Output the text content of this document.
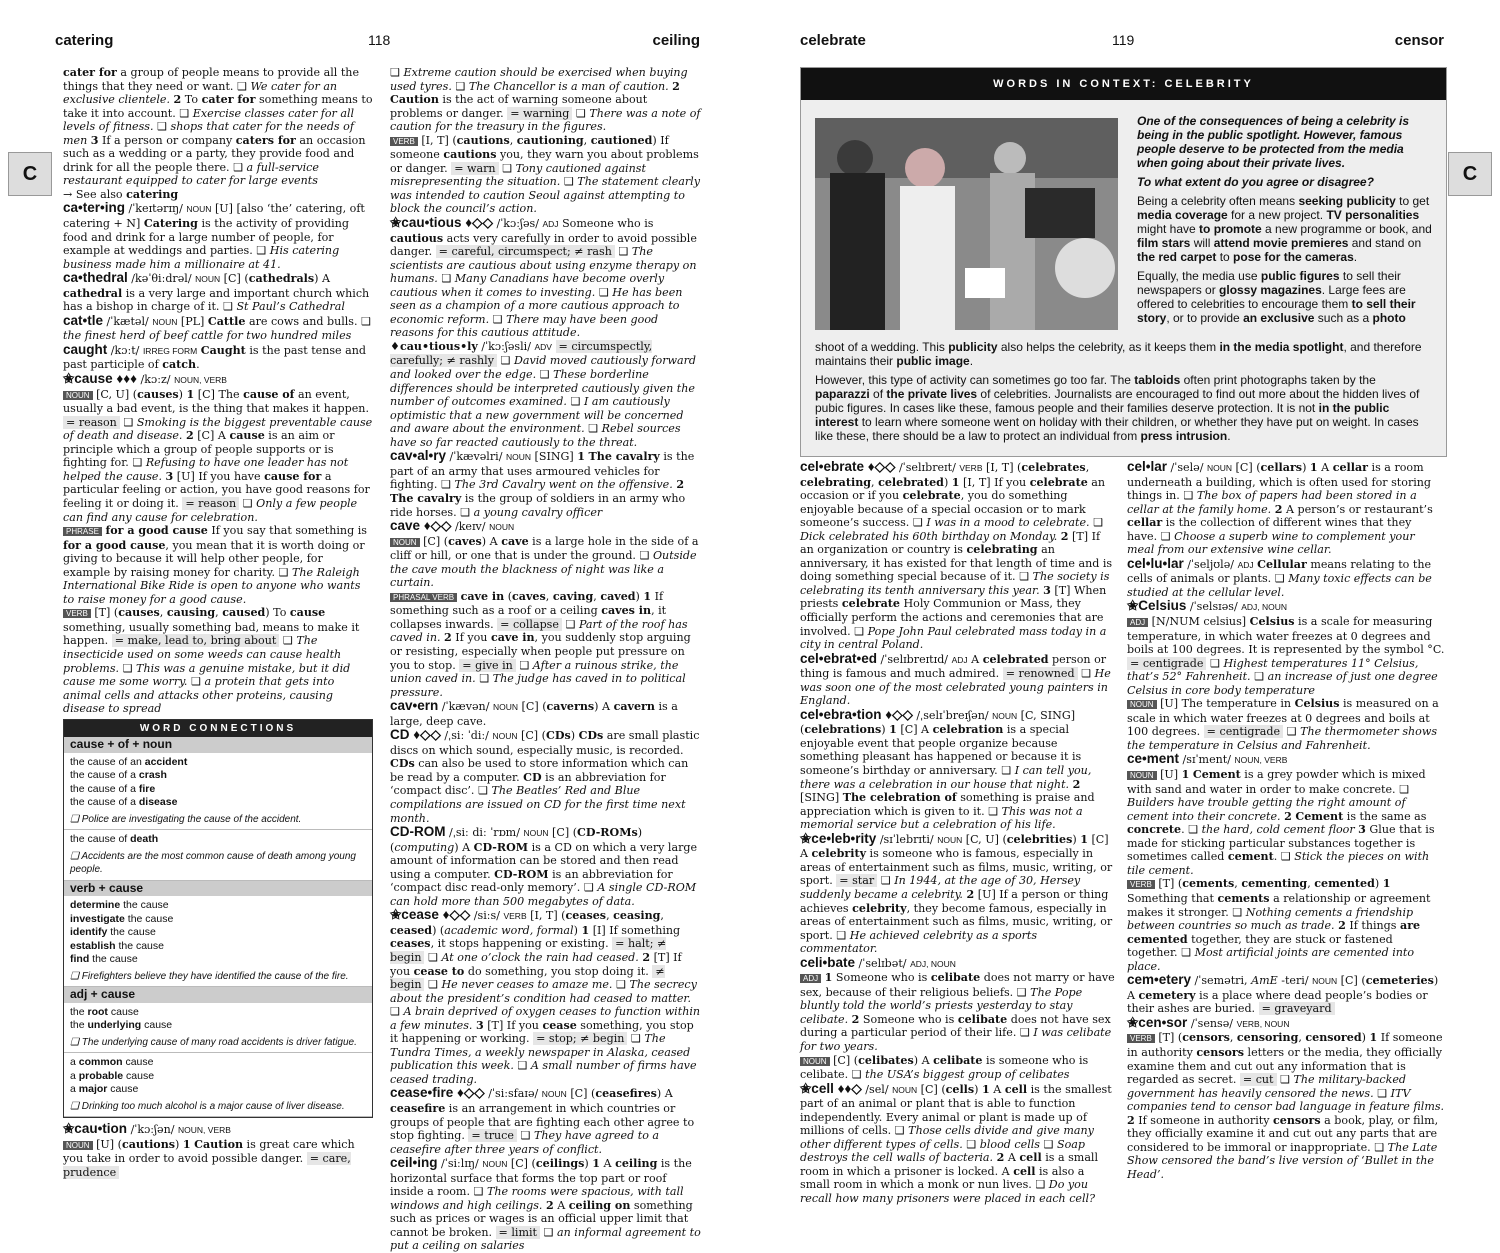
catering	118	ceiling
C

cater for a group of people means to provide all the things that they need or want. ❑ We cater for an exclusive clientele. 2 To cater for something means to take it into account. ❑ Exercise classes cater for all levels of fitness. ❑ shops that cater for the needs of men 3 If a person or company caters for an occasion such as a wedding or a party, they provide food and drink for all the people there. ❑ a full-service restaurant equipped to cater for large events
→ See also catering

ca•ter•ing /ˈkeɪtərɪŋ/ NOUN [U] [also ‘the’ catering, oft catering + N] Catering is the activity of providing food and drink for a large number of people, for example at weddings and parties. ❑ His catering business made him a millionaire at 41.

ca•thedral /kəˈθiːdrəl/ NOUN [C] (cathedrals) A cathedral is a very large and important church which has a bishop in charge of it. ❑ St Paul’s Cathedral

cat•tle /ˈkætəl/ NOUN [PL] Cattle are cows and bulls. ❑ the finest herd of beef cattle for two hundred miles

caught /kɔːt/ IRREG FORM Caught is the past tense and past participle of catch.

✬cause ♦♦♦ /kɔːz/ NOUN, VERB
NOUN [C, U] (causes) 1 [C] The cause of an event, usually a bad event, is the thing that makes it happen. = reason ❑ Smoking is the biggest preventable cause of death and disease. 2 [C] A cause is an aim or principle which a group of people supports or is fighting for. ❑ Refusing to have one leader has not helped the cause. 3 [U] If you have cause for a particular feeling or action, you have good reasons for feeling it or doing it. = reason ❑ Only a few people can find any cause for celebration.
PHRASE for a good cause If you say that something is for a good cause, you mean that it is worth doing or giving to because it will help other people, for example by raising money for charity. ❑ The Raleigh International Bike Ride is open to anyone who wants to raise money for a good cause.
VERB [T] (causes, causing, caused) To cause something, usually something bad, means to make it happen. = make, lead to, bring about ❑ The insecticide used on some weeds can cause health problems. ❑ This was a genuine mistake, but it did cause me some worry. ❑ a protein that gets into animal cells and attacks other proteins, causing disease to spread

WORD CONNECTIONS
cause + of + noun
the cause of an accident
the cause of a crash
the cause of a fire
the cause of a disease
❑ Police are investigating the cause of the accident.
the cause of death
❑ Accidents are the most common cause of death among young people.
verb + cause
determine the cause
investigate the cause
identify the cause
establish the cause
find the cause
❑ Firefighters believe they have identified the cause of the fire.
adj + cause
the root cause
the underlying cause
❑ The underlying cause of many road accidents is driver fatigue.
a common cause
a probable cause
a major cause
❑ Drinking too much alcohol is a major cause of liver disease.

✬cau•tion /ˈkɔːʃən/ NOUN, VERB
NOUN [U] (cautions) 1 Caution is great care which you take in order to avoid possible danger. = care, prudence

❑ Extreme caution should be exercised when buying used tyres. ❑ The Chancellor is a man of caution. 2 Caution is the act of warning someone about problems or danger. = warning ❑ There was a note of caution for the treasury in the figures.
VERB [I, T] (cautions, cautioning, cautioned) If someone cautions you, they warn you about problems or danger. = warn ❑ Tony cautioned against misrepresenting the situation. ❑ The statement clearly was intended to caution Seoul against attempting to block the council’s action.

✬cau•tious ♦◇◇ /ˈkɔːʃəs/ ADJ Someone who is cautious acts very carefully in order to avoid possible danger. = careful, circumspect; ≠ rash ❑ The scientists are cautious about using enzyme therapy on humans. ❑ Many Canadians have become overly cautious when it comes to investing. ❑ He has been seen as a champion of a more cautious approach to economic reform. ❑ There may have been good reasons for this cautious attitude.
♦cau•tious•ly /ˈkɔːʃəsli/ ADV = circumspectly, carefully; ≠ rashly ❑ David moved cautiously forward and looked over the edge. ❑ These borderline differences should be interpreted cautiously given the number of outcomes examined. ❑ I am cautiously optimistic that a new government will be concerned and aware about the environment. ❑ Rebel sources have so far reacted cautiously to the threat.

cav•al•ry /ˈkævəlri/ NOUN [SING] 1 The cavalry is the part of an army that uses armoured vehicles for fighting. ❑ The 3rd Cavalry went on the offensive. 2 The cavalry is the group of soldiers in an army who ride horses. ❑ a young cavalry officer

cave ♦◇◇ /keɪv/ NOUN
NOUN [C] (caves) A cave is a large hole in the side of a cliff or hill, or one that is under the ground. ❑ Outside the cave mouth the blackness of night was like a curtain.
PHRASAL VERB cave in (caves, caving, caved) 1 If something such as a roof or a ceiling caves in, it collapses inwards. = collapse ❑ Part of the roof has caved in. 2 If you cave in, you suddenly stop arguing or resisting, especially when people put pressure on you to stop. = give in ❑ After a ruinous strike, the union caved in. ❑ The judge has caved in to political pressure.

cav•ern /ˈkævən/ NOUN [C] (caverns) A cavern is a large, deep cave.

CD ♦◇◇ /ˌsiː ˈdiː/ NOUN [C] (CDs) CDs are small plastic discs on which sound, especially music, is recorded. CDs can also be used to store information which can be read by a computer. CD is an abbreviation for ‘compact disc’. ❑ The Beatles’ Red and Blue compilations are issued on CD for the first time next month.

CD-ROM /ˌsiː diː ˈrɒm/ NOUN [C] (CD-ROMs) (computing) A CD-ROM is a CD on which a very large amount of information can be stored and then read using a computer. CD-ROM is an abbreviation for ‘compact disc read-only memory’. ❑ A single CD-ROM can hold more than 500 megabytes of data.

✬cease ♦◇◇ /siːs/ VERB [I, T] (ceases, ceasing, ceased) (academic word, formal) 1 [I] If something ceases, it stops happening or existing. = halt; ≠ begin ❑ At one o’clock the rain had ceased. 2 [T] If you cease to do something, you stop doing it. ≠ begin ❑ He never ceases to amaze me. ❑ The secrecy about the president’s condition had ceased to matter. ❑ A brain deprived of oxygen ceases to function within a few minutes. 3 [T] If you cease something, you stop it happening or working. = stop; ≠ begin ❑ The Tundra Times, a weekly newspaper in Alaska, ceased publication this week. ❑ A small number of firms have ceased trading.

cease•fire ♦◇◇ /ˈsiːsfaɪə/ NOUN [C] (ceasefires) A ceasefire is an arrangement in which countries or groups of people that are fighting each other agree to stop fighting. = truce ❑ They have agreed to a ceasefire after three years of conflict.

ceil•ing /ˈsiːlɪŋ/ NOUN [C] (ceilings) 1 A ceiling is the horizontal surface that forms the top part or roof inside a room. ❑ The rooms were spacious, with tall windows and high ceilings. 2 A ceiling on something such as prices or wages is an official upper limit that cannot be broken. = limit ❑ an informal agreement to put a ceiling on salaries

celebrate	119	censor
C
WORDS IN CONTEXT: CELEBRITY

One of the consequences of being a celebrity is being in the public spotlight. However, famous people deserve to be protected from the media when going about their private lives.

To what extent do you agree or disagree?

Being a celebrity often means seeking publicity to get media coverage for a new project. TV personalities might have to promote a new programme or book, and film stars will attend movie premieres and stand on the red carpet to pose for the cameras.

Equally, the media use public figures to sell their newspapers or glossy magazines. Large fees are offered to celebrities to encourage them to sell their story, or to provide an exclusive such as a photo

shoot of a wedding. This publicity also helps the celebrity, as it keeps them in the media spotlight, and therefore maintains their public image.

However, this type of activity can sometimes go too far. The tabloids often print photographs taken by the paparazzi of the private lives of celebrities. Journalists are encouraged to find out more about the hidden lives of pubic figures. In cases like these, famous people and their families deserve protection. It is not in the public interest to learn where someone went on holiday with their children, or whether they have put on weight. In cases like these, there should be a law to protect an individual from press intrusion.

cel•ebrate ♦◇◇ /ˈselɪbreɪt/ VERB [I, T] (celebrates, celebrating, celebrated) 1 [I, T] If you celebrate an occasion or if you celebrate, you do something enjoyable because of a special occasion or to mark someone’s success. ❑ I was in a mood to celebrate. ❑ Dick celebrated his 60th birthday on Monday. 2 [T] If an organization or country is celebrating an anniversary, it has existed for that length of time and is doing something special because of it. ❑ The society is celebrating its tenth anniversary this year. 3 [T] When priests celebrate Holy Communion or Mass, they officially perform the actions and ceremonies that are involved. ❑ Pope John Paul celebrated mass today in a city in central Poland.

cel•ebrat•ed /ˈselɪbreɪtɪd/ ADJ A celebrated person or thing is famous and much admired. = renowned ❑ He was soon one of the most celebrated young painters in England.

cel•ebra•tion ♦◇◇ /ˌselɪˈbreɪʃən/ NOUN [C, SING] (celebrations) 1 [C] A celebration is a special enjoyable event that people organize because something pleasant has happened or because it is someone’s birthday or anniversary. ❑ I can tell you, there was a celebration in our house that night. 2 [SING] The celebration of something is praise and appreciation which is given to it. ❑ This was not a memorial service but a celebration of his life.

✬ce•leb•rity /sɪˈlebrɪti/ NOUN [C, U] (celebrities) 1 [C] A celebrity is someone who is famous, especially in areas of entertainment such as films, music, writing, or sport. = star ❑ In 1944, at the age of 30, Hersey suddenly became a celebrity. 2 [U] If a person or thing achieves celebrity, they become famous, especially in areas of entertainment such as films, music, writing, or sport. ❑ He achieved celebrity as a sports commentator.

celi•bate /ˈselɪbət/ ADJ, NOUN
ADJ 1 Someone who is celibate does not marry or have sex, because of their religious beliefs. ❑ The Pope bluntly told the world’s priests yesterday to stay celibate. 2 Someone who is celibate does not have sex during a particular period of their life. ❑ I was celibate for two years.
NOUN [C] (celibates) A celibate is someone who is celibate. ❑ the USA’s biggest group of celibates

✬cell ♦♦◇ /sel/ NOUN [C] (cells) 1 A cell is the smallest part of an animal or plant that is able to function independently. Every animal or plant is made up of millions of cells. ❑ Those cells divide and give many other different types of cells. ❑ blood cells ❑ Soap destroys the cell walls of bacteria. 2 A cell is a small room in which a prisoner is locked. A cell is also a small room in which a monk or nun lives. ❑ Do you recall how many prisoners were placed in each cell?

cel•lar /ˈselə/ NOUN [C] (cellars) 1 A cellar is a room underneath a building, which is often used for storing things in. ❑ The box of papers had been stored in a cellar at the family home. 2 A person’s or restaurant’s cellar is the collection of different wines that they have. ❑ Choose a superb wine to complement your meal from our extensive wine cellar.

cel•lu•lar /ˈseljʊlə/ ADJ Cellular means relating to the cells of animals or plants. ❑ Many toxic effects can be studied at the cellular level.

✬Celsius /ˈselsɪəs/ ADJ, NOUN
ADJ [N/NUM celsius] Celsius is a scale for measuring temperature, in which water freezes at 0 degrees and boils at 100 degrees. It is represented by the symbol °C. = centigrade ❑ Highest temperatures 11° Celsius, that’s 52° Fahrenheit. ❑ an increase of just one degree Celsius in core body temperature
NOUN [U] The temperature in Celsius is measured on a scale in which water freezes at 0 degrees and boils at 100 degrees. = centigrade ❑ The thermometer shows the temperature in Celsius and Fahrenheit.

ce•ment /sɪˈment/ NOUN, VERB
NOUN [U] 1 Cement is a grey powder which is mixed with sand and water in order to make concrete. ❑ Builders have trouble getting the right amount of cement into their concrete. 2 Cement is the same as concrete. ❑ the hard, cold cement floor 3 Glue that is made for sticking particular substances together is sometimes called cement. ❑ Stick the pieces on with tile cement.
VERB [T] (cements, cementing, cemented) 1 Something that cements a relationship or agreement makes it stronger. ❑ Nothing cements a friendship between countries so much as trade. 2 If things are cemented together, they are stuck or fastened together. ❑ Most artificial joints are cemented into place.

cem•etery /ˈsemətri, AmE -teri/ NOUN [C] (cemeteries) A cemetery is a place where dead people’s bodies or their ashes are buried. = graveyard

✬cen•sor /ˈsensə/ VERB, NOUN
VERB [T] (censors, censoring, censored) 1 If someone in authority censors letters or the media, they officially examine them and cut out any information that is regarded as secret. = cut ❑ The military-backed government has heavily censored the news. ❑ ITV companies tend to censor bad language in feature films. 2 If someone in authority censors a book, play, or film, they officially examine it and cut out any parts that are considered to be immoral or inappropriate. ❑ The Late Show censored the band’s live version of ‘Bullet in the Head’.
